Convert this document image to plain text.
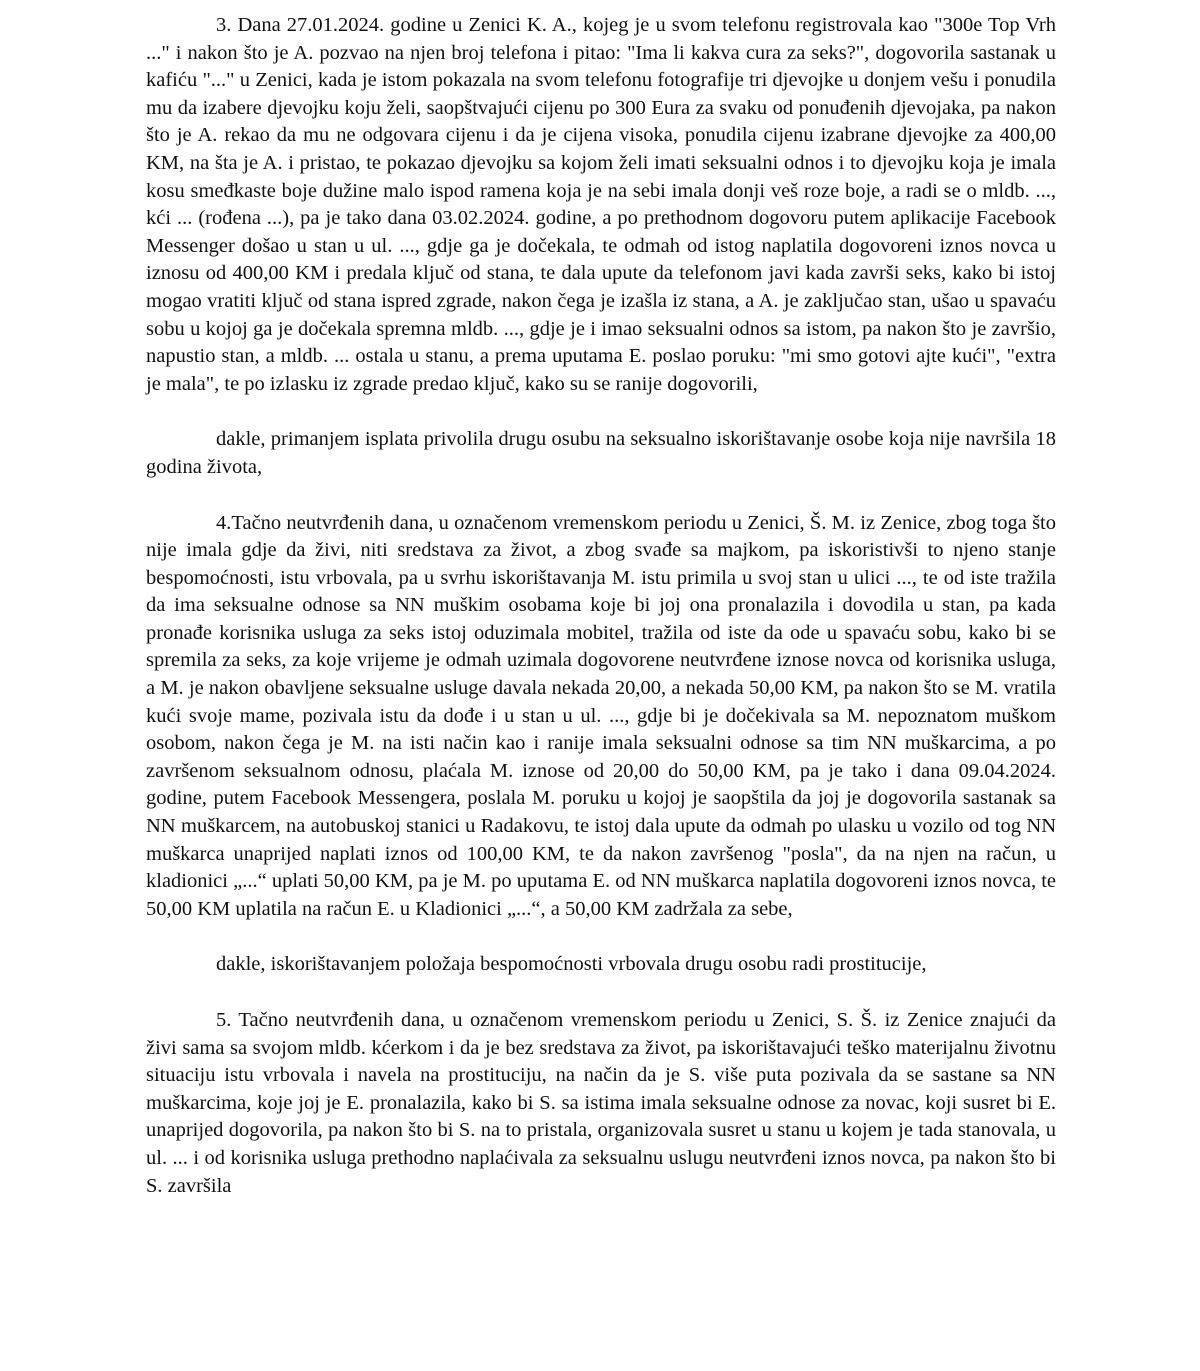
3. Dana 27.01.2024. godine u Zenici K. A., kojeg je u svom telefonu registrovala kao "300e Top Vrh ..." i nakon što je A. pozvao na njen broj telefona i pitao: "Ima li kakva cura za seks?", dogovorila sastanak u kafiću "..." u Zenici, kada je istom pokazala na svom telefonu fotografije tri djevojke u donjem vešu i ponudila mu da izabere djevojku koju želi, saopštvajući cijenu po 300 Eura za svaku od ponuđenih djevojaka, pa nakon što je A. rekao da mu ne odgovara cijenu i da je cijena visoka, ponudila cijenu izabrane djevojke za 400,00 KM, na šta je A. i pristao, te pokazao djevojku sa kojom želi imati seksualni odnos i to djevojku koja je imala kosu smeđkaste boje dužine malo ispod ramena koja je na sebi imala donji veš roze boje, a radi se o mldb. ..., kći ... (rođena ...), pa je tako dana 03.02.2024. godine, a po prethodnom dogovoru putem aplikacije Facebook Messenger došao u stan u ul. ..., gdje ga je dočekala, te odmah od istog naplatila dogovoreni iznos novca u iznosu od 400,00 KM i predala ključ od stana, te dala upute da telefonom javi kada završi seks, kako bi istoj mogao vratiti ključ od stana ispred zgrade, nakon čega je izašla iz stana, a A. je zaključao stan, ušao u spavaću sobu u kojoj ga je dočekala spremna mldb. ..., gdje je i imao seksualni odnos sa istom, pa nakon što je završio, napustio stan, a mldb. ... ostala u stanu, a prema uputama E. poslao poruku: "mi smo gotovi ajte kući", "extra je mala", te po izlasku iz zgrade predao ključ, kako su se ranije dogovorili,

dakle, primanjem isplata privolila drugu osubu na seksualno iskorištavanje osobe koja nije navršila 18 godina života,

4.Tačno neutvrđenih dana, u označenom vremenskom periodu u Zenici, Š. M. iz Zenice, zbog toga što nije imala gdje da živi, niti sredstava za život, a zbog svađe sa majkom, pa iskoristivši to njeno stanje bespomoćnosti, istu vrbovala, pa u svrhu iskorištavanja M. istu primila u svoj stan u ulici ..., te od iste tražila da ima seksualne odnose sa NN muškim osobama koje bi joj ona pronalazila i dovodila u stan, pa kada pronađe korisnika usluga za seks istoj oduzimala mobitel, tražila od iste da ode u spavaću sobu, kako bi se spremila za seks, za koje vrijeme je odmah uzimala dogovorene neutvrđene iznose novca od korisnika usluga, a M. je nakon obavljene seksualne usluge davala nekada 20,00, a nekada 50,00 KM, pa nakon što se M. vratila kući svoje mame, pozivala istu da dođe i u stan u ul. ..., gdje bi je dočekivala sa M. nepoznatom muškom osobom, nakon čega je M. na isti način kao i ranije imala seksualni odnose sa tim NN muškarcima, a po završenom seksualnom odnosu, plaćala M. iznose od 20,00 do 50,00 KM, pa je tako i dana 09.04.2024. godine, putem Facebook Messengera, poslala M. poruku u kojoj je saopštila da joj je dogovorila sastanak sa NN muškarcem, na autobuskoj stanici u Radakovu, te istoj dala upute da odmah po ulasku u vozilo od tog NN muškarca unaprijed naplati iznos od 100,00 KM, te da nakon završenog "posla", da na njen na račun, u kladionici „...“ uplati 50,00 KM, pa je M. po uputama E. od NN muškarca naplatila dogovoreni iznos novca, te 50,00 KM uplatila na račun E. u Kladionici „...“, a 50,00 KM zadržala za sebe,

dakle, iskorištavanjem položaja bespomoćnosti vrbovala drugu osobu radi prostitucije,

5. Tačno neutvrđenih dana, u označenom vremenskom periodu u Zenici, S. Š. iz Zenice znajući da živi sama sa svojom mldb. kćerkom i da je bez sredstava za život, pa iskorištavajući teško materijalnu životnu situaciju istu vrbovala i navela na prostituciju, na način da je S. više puta pozivala da se sastane sa NN muškarcima, koje joj je E. pronalazila, kako bi S. sa istima imala seksualne odnose za novac, koji susret bi E. unaprijed dogovorila, pa nakon što bi S. na to pristala, organizovala susret u stanu u kojem je tada stanovala, u ul. ... i od korisnika usluga prethodno naplaćivala za seksualnu uslugu neutvrđeni iznos novca, pa nakon što bi S. završila
